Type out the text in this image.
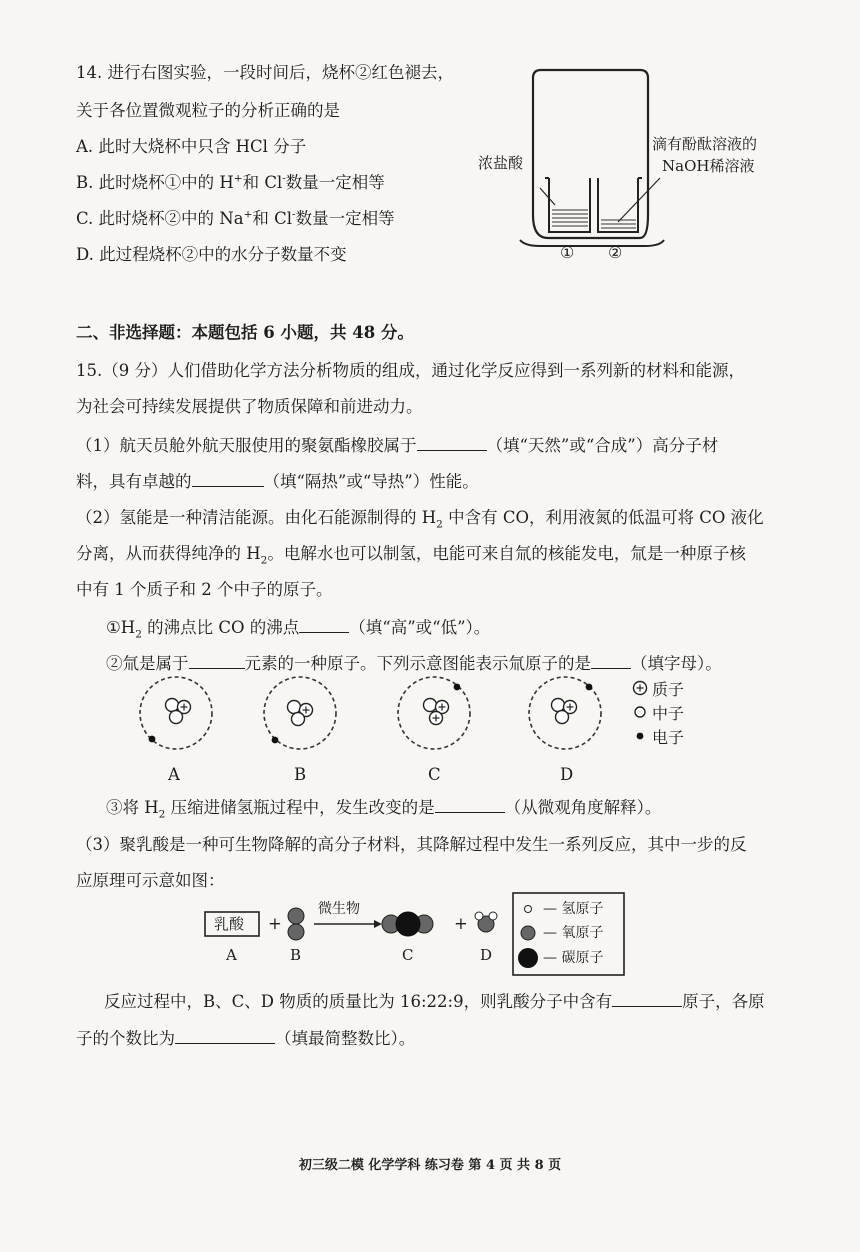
14. 进行右图实验，一段时间后，烧杯②红色褪去，
关于各位置微观粒子的分析正确的是
A. 此时大烧杯中只含 HCl 分子
B. 此时烧杯①中的 H+和 Cl-数量一定相等
C. 此时烧杯②中的 Na+和 Cl-数量一定相等
D. 此过程烧杯②中的水分子数量不变
浓盐酸
滴有酚酞溶液的
NaOH稀溶液
① ②
二、非选择题：本题包括 6 小题，共 48 分。
15.（9 分）人们借助化学方法分析物质的组成，通过化学反应得到一系列新的材料和能源，
为社会可持续发展提供了物质保障和前进动力。
（1）航天员舱外航天服使用的聚氨酯橡胶属于	（填“天然”或“合成”）高分子材
料，具有卓越的	（填“隔热”或“导热”）性能。
（2）氢能是一种清洁能源。由化石能源制得的 $H_2$ 中含有 CO，利用液氮的低温可将 CO 液化
分离，从而获得纯净的 $H_2$。电解水也可以制氢，电能可来自氚的核能发电，氚是一种原子核
中有 1 个质子和 2 个中子的原子。
$①H_2$ 的沸点比 CO 的沸点	（填“高”或“低”）。
②氚是属于	元素的一种原子。下列示意图能表示氚原子的是 （填字母）。
质子
中子
电子
A	B	C	D
③将 $H_2$ 压缩进储氢瓶过程中，发生改变的是	（从微观角度解释）。
（3）聚乳酸是一种可生物降解的高分子材料，其降解过程中发生一系列反应，其中一步的反
应原理可示意如图：
乳酸 +
微生物
+
— 氢原子
— 氧原子
— 碳原子
A	B	C	D
反应过程中，B、C、D 物质的质量比为 16:22:9，则乳酸分子中含有	原子，各原
子的个数比为	（填最简整数比）。
初三级二模 化学学科 练习卷 第 4 页 共 8 页
